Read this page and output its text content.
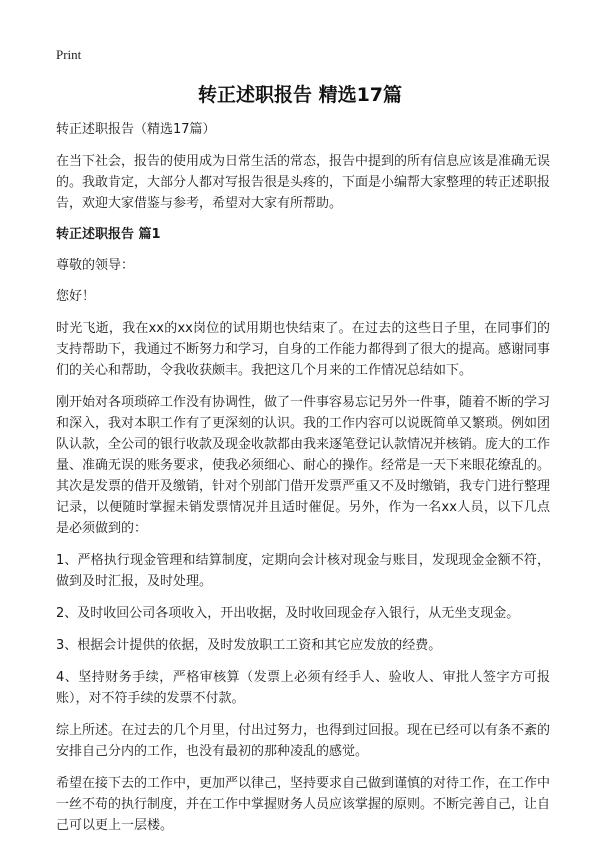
Print
转正述职报告 精选17篇

转正述职报告（精选17篇）

在当下社会，报告的使用成为日常生活的常态，报告中提到的所有信息应该是准确无误的。我敢肯定，大部分人都对写报告很是头疼的，下面是小编帮大家整理的转正述职报告，欢迎大家借鉴与参考，希望对大家有所帮助。

转正述职报告 篇1

尊敬的领导：

您好！

时光飞逝，我在xx的xx岗位的试用期也快结束了。在过去的这些日子里，在同事们的支持帮助下，我通过不断努力和学习，自身的工作能力都得到了很大的提高。感谢同事们的关心和帮助，令我收获颇丰。我把这几个月来的工作情况总结如下。

刚开始对各项琐碎工作没有协调性，做了一件事容易忘记另外一件事，随着不断的学习和深入，我对本职工作有了更深刻的认识。我的工作内容可以说既简单又繁琐。例如团队认款，全公司的银行收款及现金收款都由我来逐笔登记认款情况并核销。庞大的工作量、准确无误的账务要求，使我必须细心、耐心的操作。经常是一天下来眼花缭乱的。其次是发票的借开及缴销，针对个别部门借开发票严重又不及时缴销，我专门进行整理记录，以便随时掌握未销发票情况并且适时催促。另外，作为一名xx人员，以下几点是必须做到的：

1、严格执行现金管理和结算制度，定期向会计核对现金与账目，发现现金金额不符，做到及时汇报，及时处理。

2、及时收回公司各项收入，开出收据，及时收回现金存入银行，从无坐支现金。

3、根据会计提供的依据，及时发放职工工资和其它应发放的经费。

4、坚持财务手续，严格审核算（发票上必须有经手人、验收人、审批人签字方可报账），对不符手续的发票不付款。

综上所述。在过去的几个月里，付出过努力，也得到过回报。现在已经可以有条不紊的安排自己分内的工作，也没有最初的那种凌乱的感觉。

希望在接下去的工作中，更加严以律己，坚持要求自己做到谨慎的对待工作，在工作中一丝不苟的执行制度，并在工作中掌握财务人员应该掌握的原则。不断完善自己，让自己可以更上一层楼。
